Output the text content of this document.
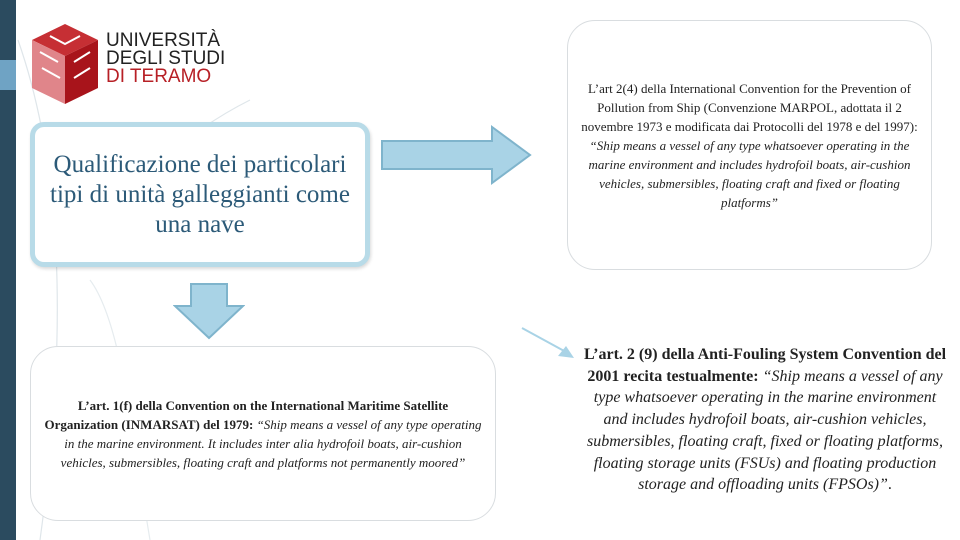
UNIVERSITÀ
DEGLI STUDI
DI TERAMO
Qualificazione dei particolari tipi di unità galleggianti come una nave
L’art 2(4) della International Convention for the Prevention of Pollution from Ship (Convenzione MARPOL, adottata il 2 novembre 1973 e modificata dai Protocolli del 1978 e del 1997): “Ship means a vessel of any type whatsoever operating in the marine environment and includes hydrofoil boats, air-cushion vehicles, submersibles, floating craft and fixed or floating platforms”
L’art. 1(f) della Convention on the International Maritime Satellite Organization (INMARSAT) del 1979: “Ship means a vessel of any type operating in the marine environment. It includes inter alia hydrofoil boats, air-cushion vehicles, submersibles, floating craft and platforms not permanently moored”
L’art. 2 (9) della Anti-Fouling System Convention del 2001 recita testualmente: “Ship means a vessel of any type whatsoever operating in the marine environment and includes hydrofoil boats, air-cushion vehicles, submersibles, floating craft, fixed or floating platforms, floating storage units (FSUs) and floating production storage and offloading units (FPSOs)”.
